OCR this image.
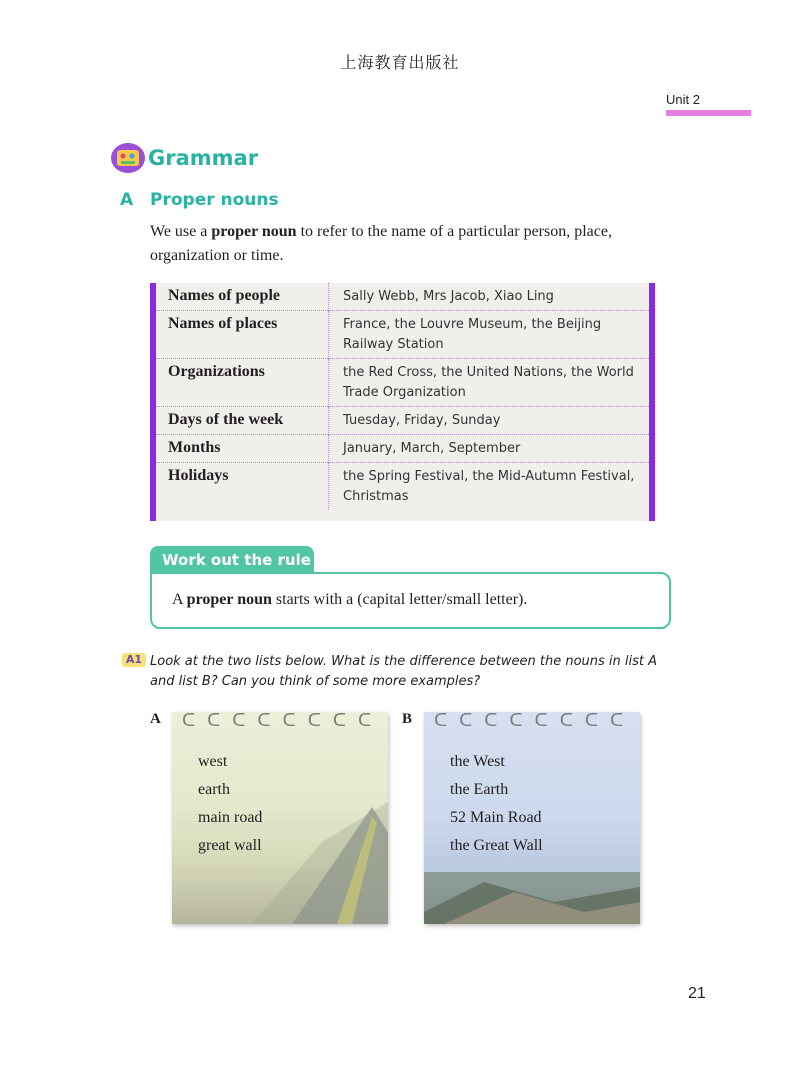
上海教育出版社
Unit 2
Grammar
A Proper nouns
We use a proper noun to refer to the name of a particular person, place, organization or time.
Names of people	Sally Webb, Mrs Jacob, Xiao Ling
Names of places	France, the Louvre Museum, the Beijing Railway Station
Organizations	the Red Cross, the United Nations, the World Trade Organization
Days of the week	Tuesday, Friday, Sunday
Months	January, March, September
Holidays	the Spring Festival, the Mid-Autumn Festival, Christmas
Work out the rule
A proper noun starts with a (capital letter/small letter).
A1 Look at the two lists below. What is the difference between the nouns in list A and list B? Can you think of some more examples?
A	B
ᑕᑕᑕᑕᑕᑕᑕᑕ
west
earth
main road
great wall
ᑕᑕᑕᑕᑕᑕᑕᑕ
the West
the Earth
52 Main Road
the Great Wall
21
